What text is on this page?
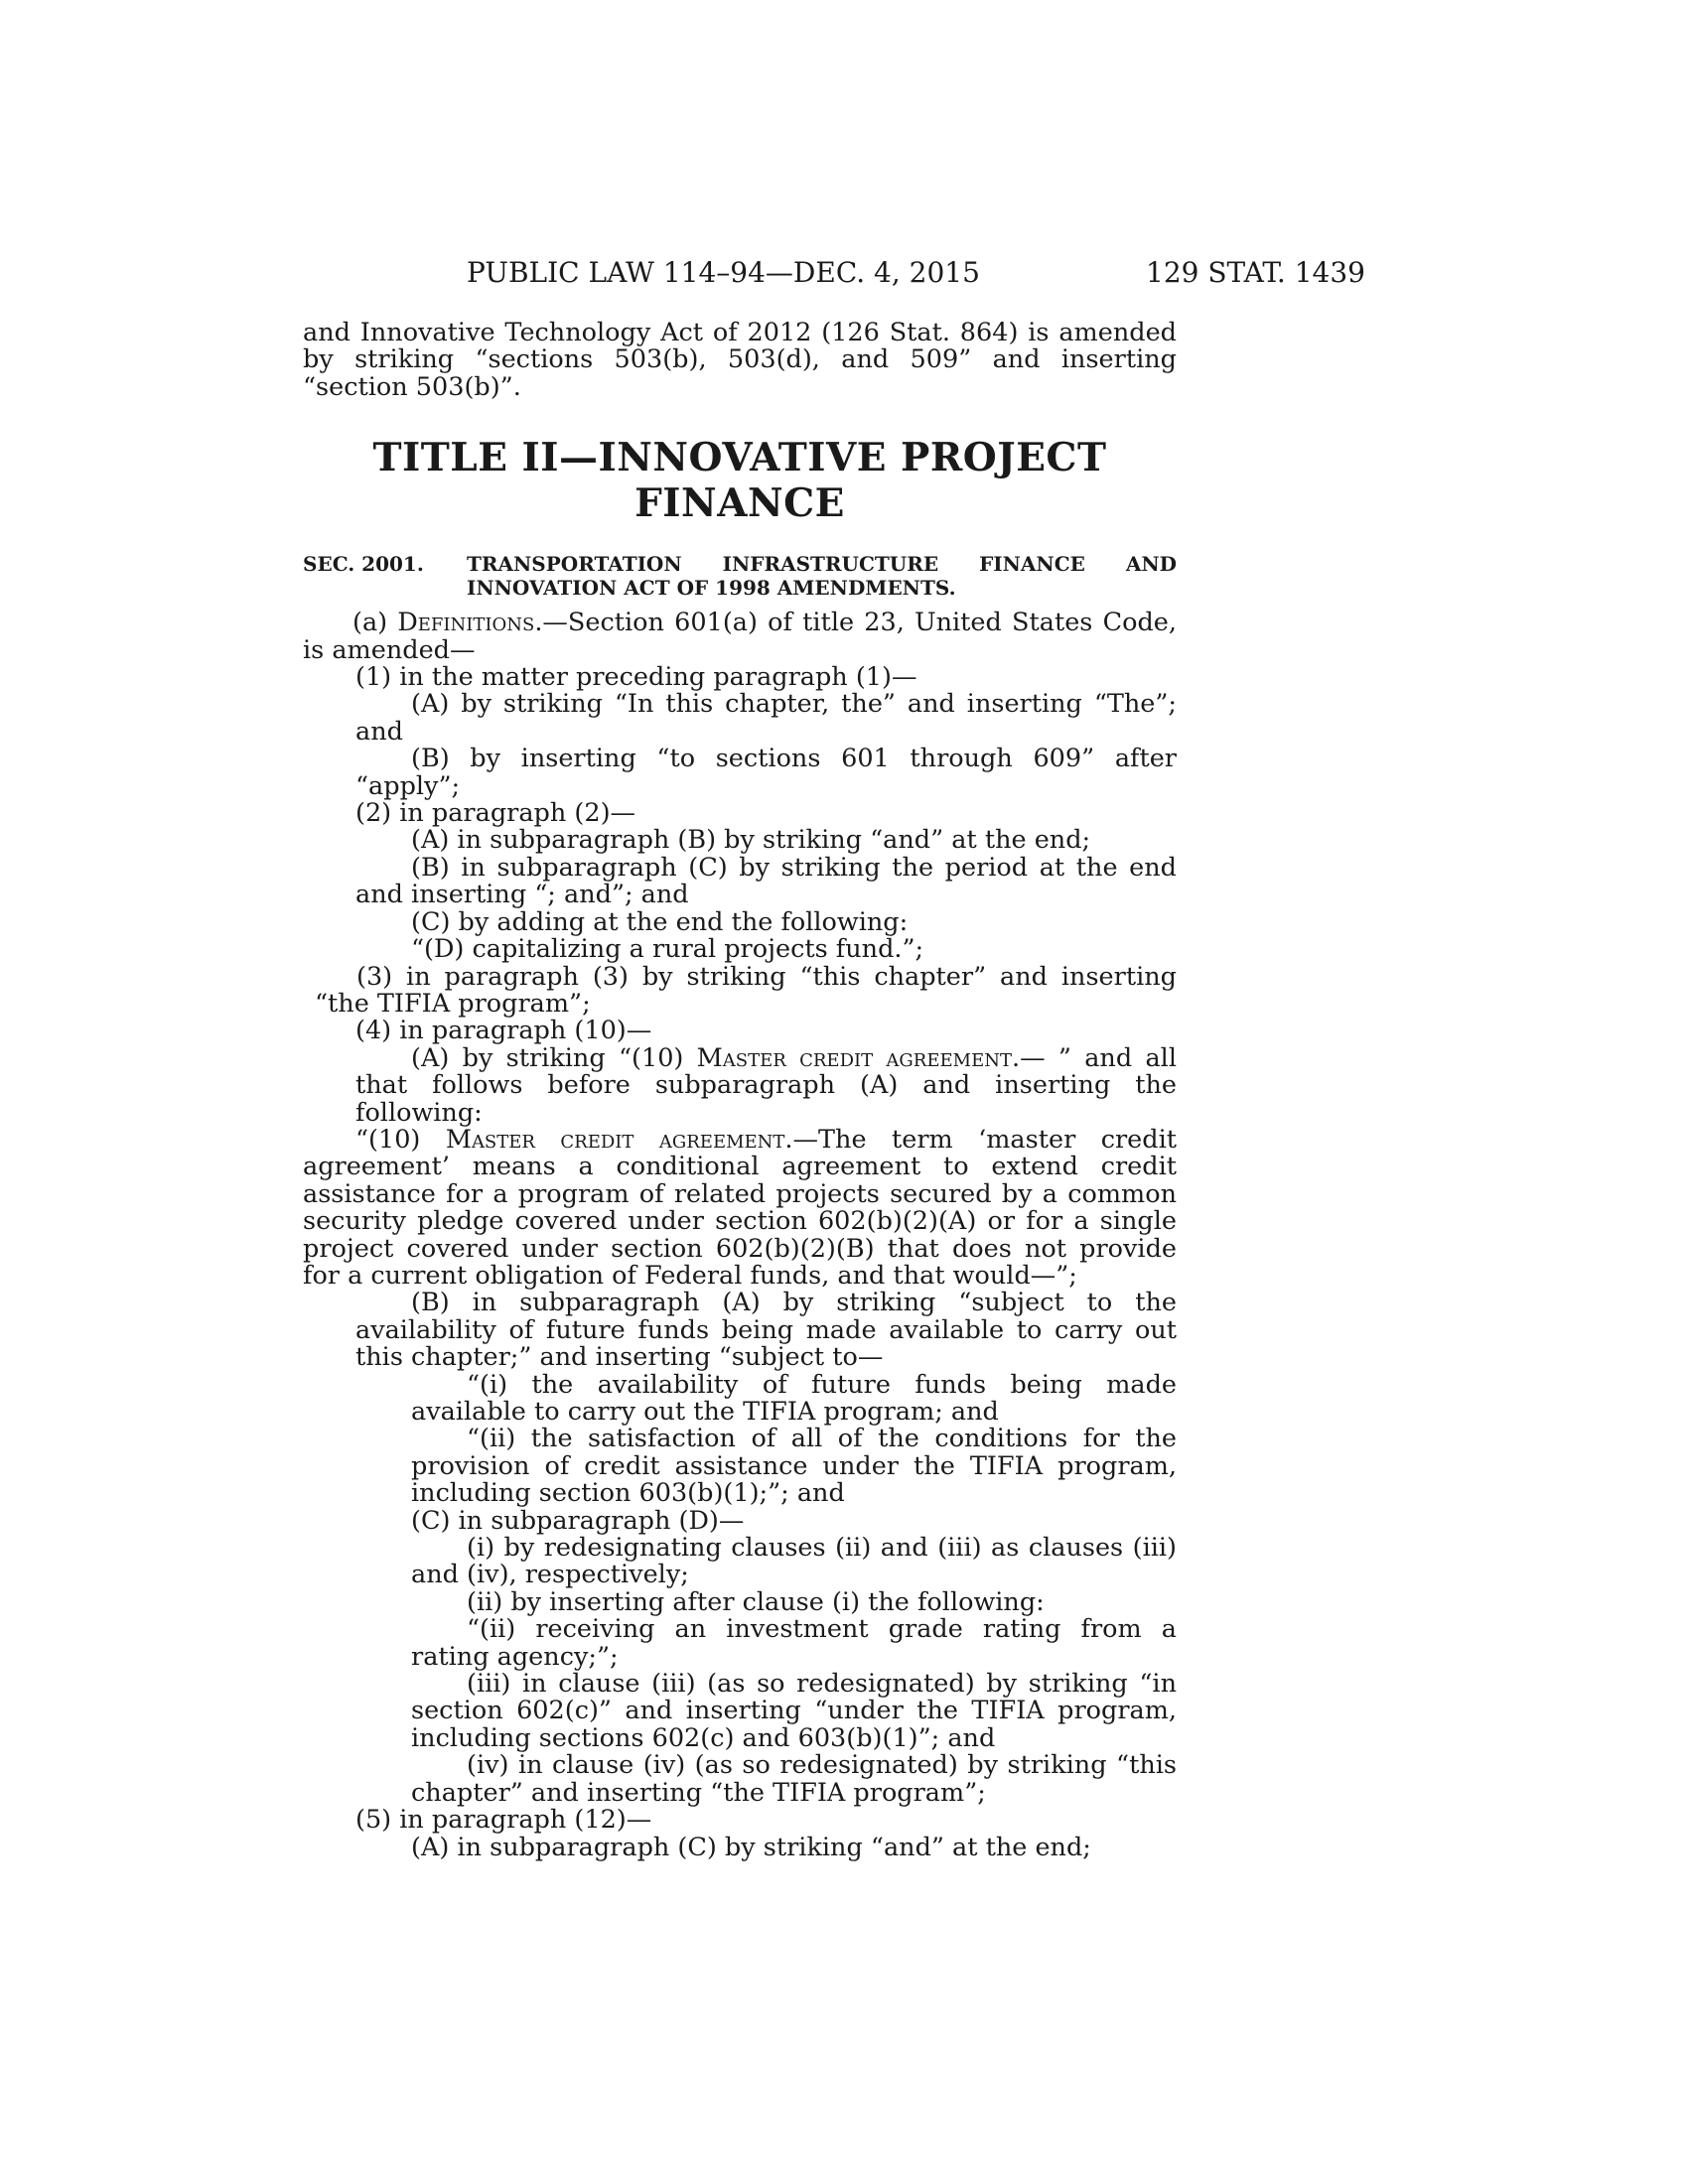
PUBLIC LAW 114–94—DEC. 4, 2015	129 STAT. 1439

and Innovative Technology Act of 2012 (126 Stat. 864) is amended by striking “sections 503(b), 503(d), and 509” and inserting “section 503(b)”.

TITLE II—INNOVATIVE PROJECT
FINANCE

SEC. 2001.	TRANSPORTATION INFRASTRUCTURE FINANCE AND
INNOVATION ACT OF 1998 AMENDMENTS.

(a) Definitions.—Section 601(a) of title 23, United States Code, is amended—

(1) in the matter preceding paragraph (1)—

(A) by striking “In this chapter, the” and inserting “The”; and

(B) by inserting “to sections 601 through 609” after “apply”;

(2) in paragraph (2)—

(A) in subparagraph (B) by striking “and” at the end;

(B) in subparagraph (C) by striking the period at the end and inserting “; and”; and

(C) by adding at the end the following:

“(D) capitalizing a rural projects fund.”;

(3) in paragraph (3) by striking “this chapter” and inserting “the TIFIA program”;

(4) in paragraph (10)—

(A) by striking “(10) Master credit agreement.— ” and all that follows before subparagraph (A) and inserting the following:

“(10) Master credit agreement.—The term ‘master credit agreement’ means a conditional agreement to extend credit assistance for a program of related projects secured by a common security pledge covered under section 602(b)(2)(A) or for a single project covered under section 602(b)(2)(B) that does not provide for a current obligation of Federal funds, and that would—”;

(B) in subparagraph (A) by striking “subject to the availability of future funds being made available to carry out this chapter;” and inserting “subject to—

“(i) the availability of future funds being made available to carry out the TIFIA program; and

“(ii) the satisfaction of all of the conditions for the provision of credit assistance under the TIFIA program, including section 603(b)(1);”; and

(C) in subparagraph (D)—

(i) by redesignating clauses (ii) and (iii) as clauses (iii) and (iv), respectively;

(ii) by inserting after clause (i) the following:

“(ii) receiving an investment grade rating from a rating agency;”;

(iii) in clause (iii) (as so redesignated) by striking “in section 602(c)” and inserting “under the TIFIA program, including sections 602(c) and 603(b)(1)”; and

(iv) in clause (iv) (as so redesignated) by striking “this chapter” and inserting “the TIFIA program”;

(5) in paragraph (12)—

(A) in subparagraph (C) by striking “and” at the end;
